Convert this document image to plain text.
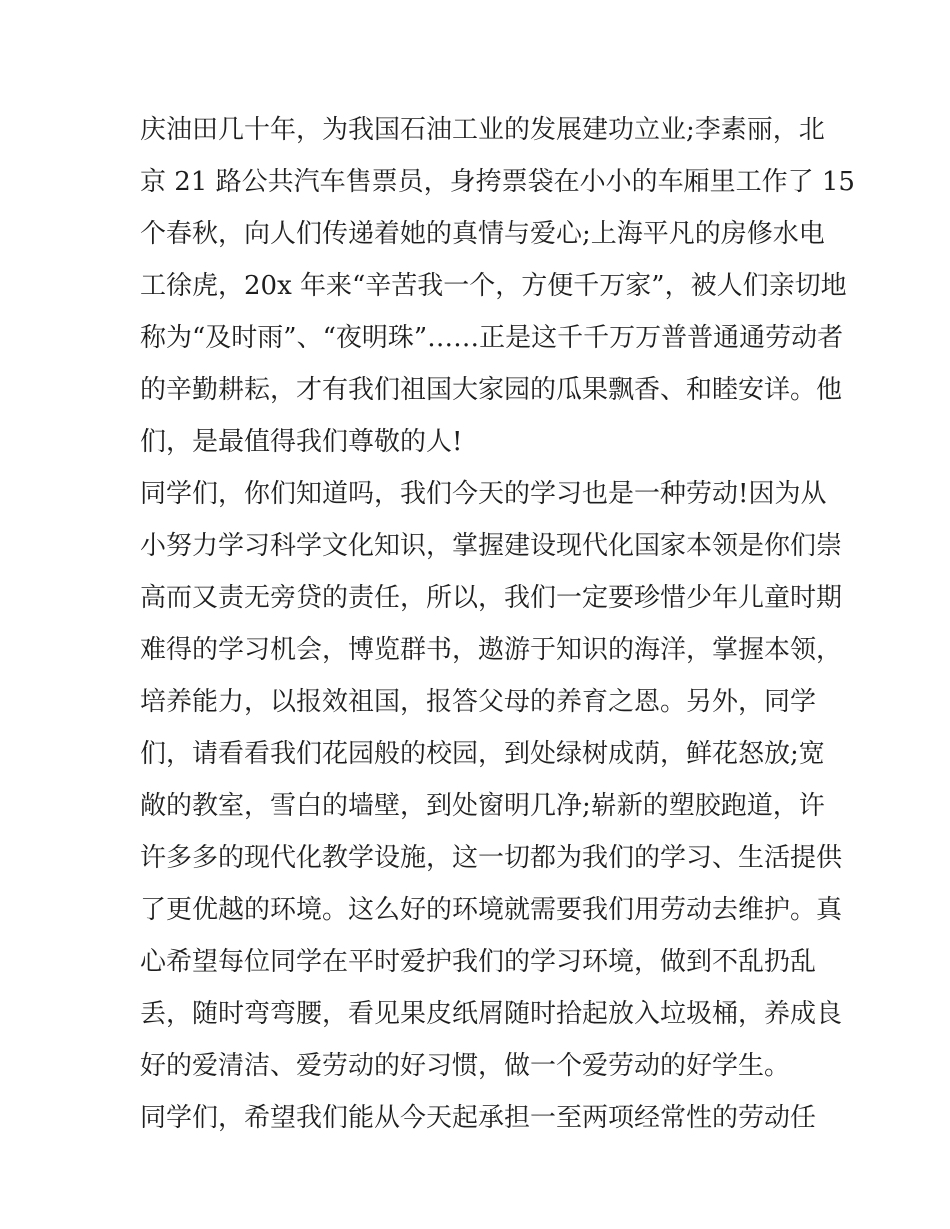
庆油田几十年，为我国石油工业的发展建功立业;李素丽，北
京 21 路公共汽车售票员，身挎票袋在小小的车厢里工作了 15
个春秋，向人们传递着她的真情与爱心;上海平凡的房修水电
工徐虎，20x 年来“辛苦我一个，方便千万家”，被人们亲切地
称为“及时雨”、“夜明珠”……正是这千千万万普普通通劳动者
的辛勤耕耘，才有我们祖国大家园的瓜果飘香、和睦安详。他
们，是最值得我们尊敬的人!
同学们，你们知道吗，我们今天的学习也是一种劳动!因为从
小努力学习科学文化知识，掌握建设现代化国家本领是你们崇
高而又责无旁贷的责任，所以，我们一定要珍惜少年儿童时期
难得的学习机会，博览群书，遨游于知识的海洋，掌握本领，
培养能力，以报效祖国，报答父母的养育之恩。另外，同学
们，请看看我们花园般的校园，到处绿树成荫，鲜花怒放;宽
敞的教室，雪白的墙壁，到处窗明几净;崭新的塑胶跑道，许
许多多的现代化教学设施，这一切都为我们的学习、生活提供
了更优越的环境。这么好的环境就需要我们用劳动去维护。真
心希望每位同学在平时爱护我们的学习环境，做到不乱扔乱
丢，随时弯弯腰，看见果皮纸屑随时拾起放入垃圾桶，养成良
好的爱清洁、爱劳动的好习惯，做一个爱劳动的好学生。
同学们，希望我们能从今天起承担一至两项经常性的劳动任
